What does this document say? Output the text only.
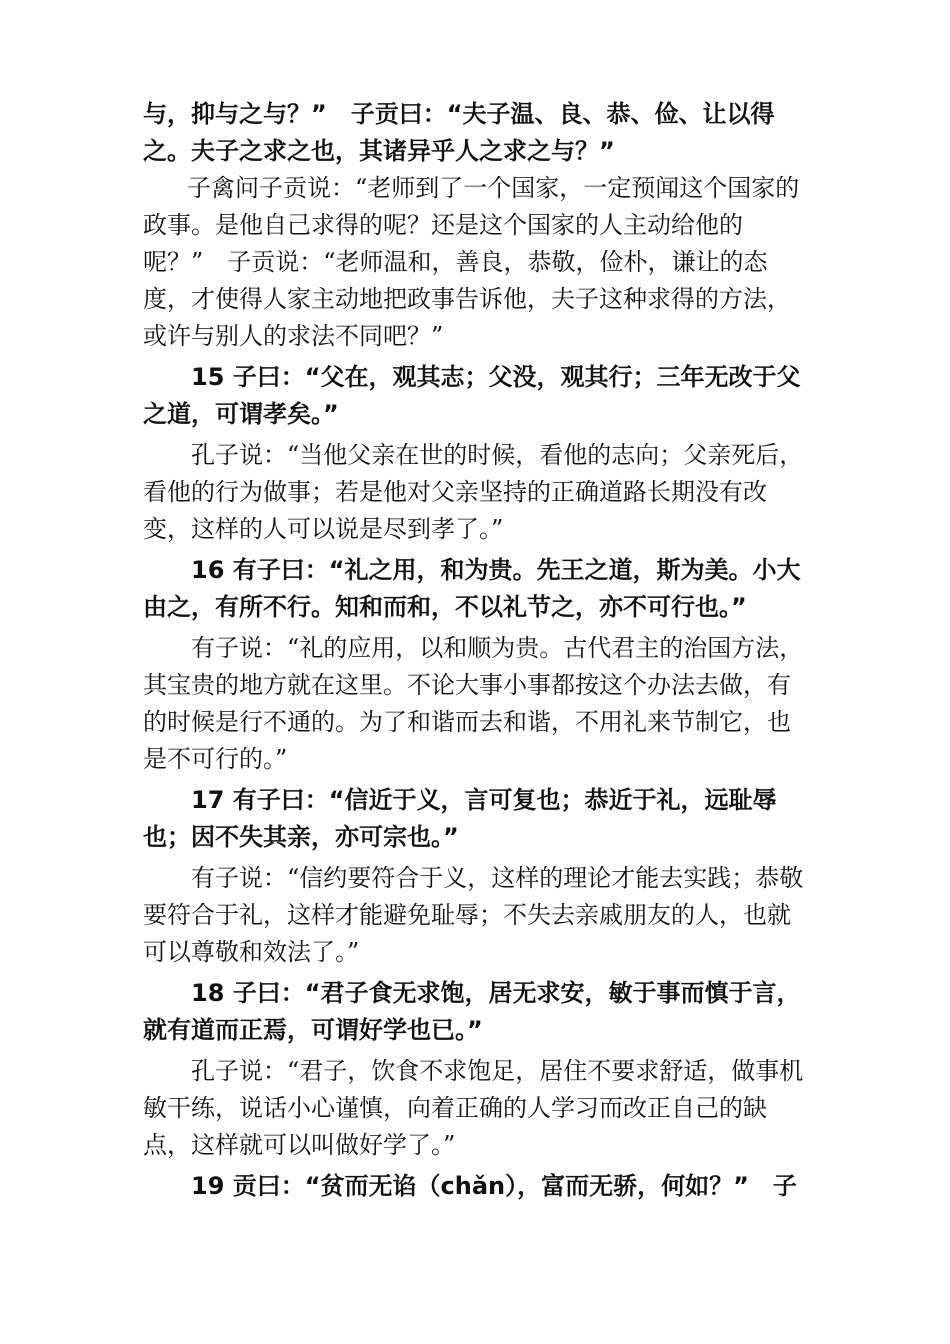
与，抑与之与？”　子贡曰：“夫子温、良、恭、俭、让以得
之。夫子之求之也，其诸异乎人之求之与？”
子禽问子贡说：“老师到了一个国家，一定预闻这个国家的
政事。是他自己求得的呢？还是这个国家的人主动给他的
呢？”　子贡说：“老师温和，善良，恭敬，俭朴，谦让的态
度，才使得人家主动地把政事告诉他，夫子这种求得的方法，
或许与别人的求法不同吧？”
15 子曰：“父在，观其志；父没，观其行；三年无改于父
之道，可谓孝矣。”
孔子说：“当他父亲在世的时候，看他的志向；父亲死后，
看他的行为做事；若是他对父亲坚持的正确道路长期没有改
变，这样的人可以说是尽到孝了。”
16 有子曰：“礼之用，和为贵。先王之道，斯为美。小大
由之，有所不行。知和而和，不以礼节之，亦不可行也。”
有子说：“礼的应用，以和顺为贵。古代君主的治国方法，
其宝贵的地方就在这里。不论大事小事都按这个办法去做，有
的时候是行不通的。为了和谐而去和谐，不用礼来节制它，也
是不可行的。”
17 有子曰：“信近于义，言可复也；恭近于礼，远耻辱
也；因不失其亲，亦可宗也。”
有子说：“信约要符合于义，这样的理论才能去实践；恭敬
要符合于礼，这样才能避免耻辱；不失去亲戚朋友的人，也就
可以尊敬和效法了。”
18 子曰：“君子食无求饱，居无求安，敏于事而慎于言，
就有道而正焉，可谓好学也已。”
孔子说：“君子，饮食不求饱足，居住不要求舒适，做事机
敏干练，说话小心谨慎，向着正确的人学习而改正自己的缺
点，这样就可以叫做好学了。”
19 贡曰：“贫而无谄（chǎn），富而无骄，何如？”　子
